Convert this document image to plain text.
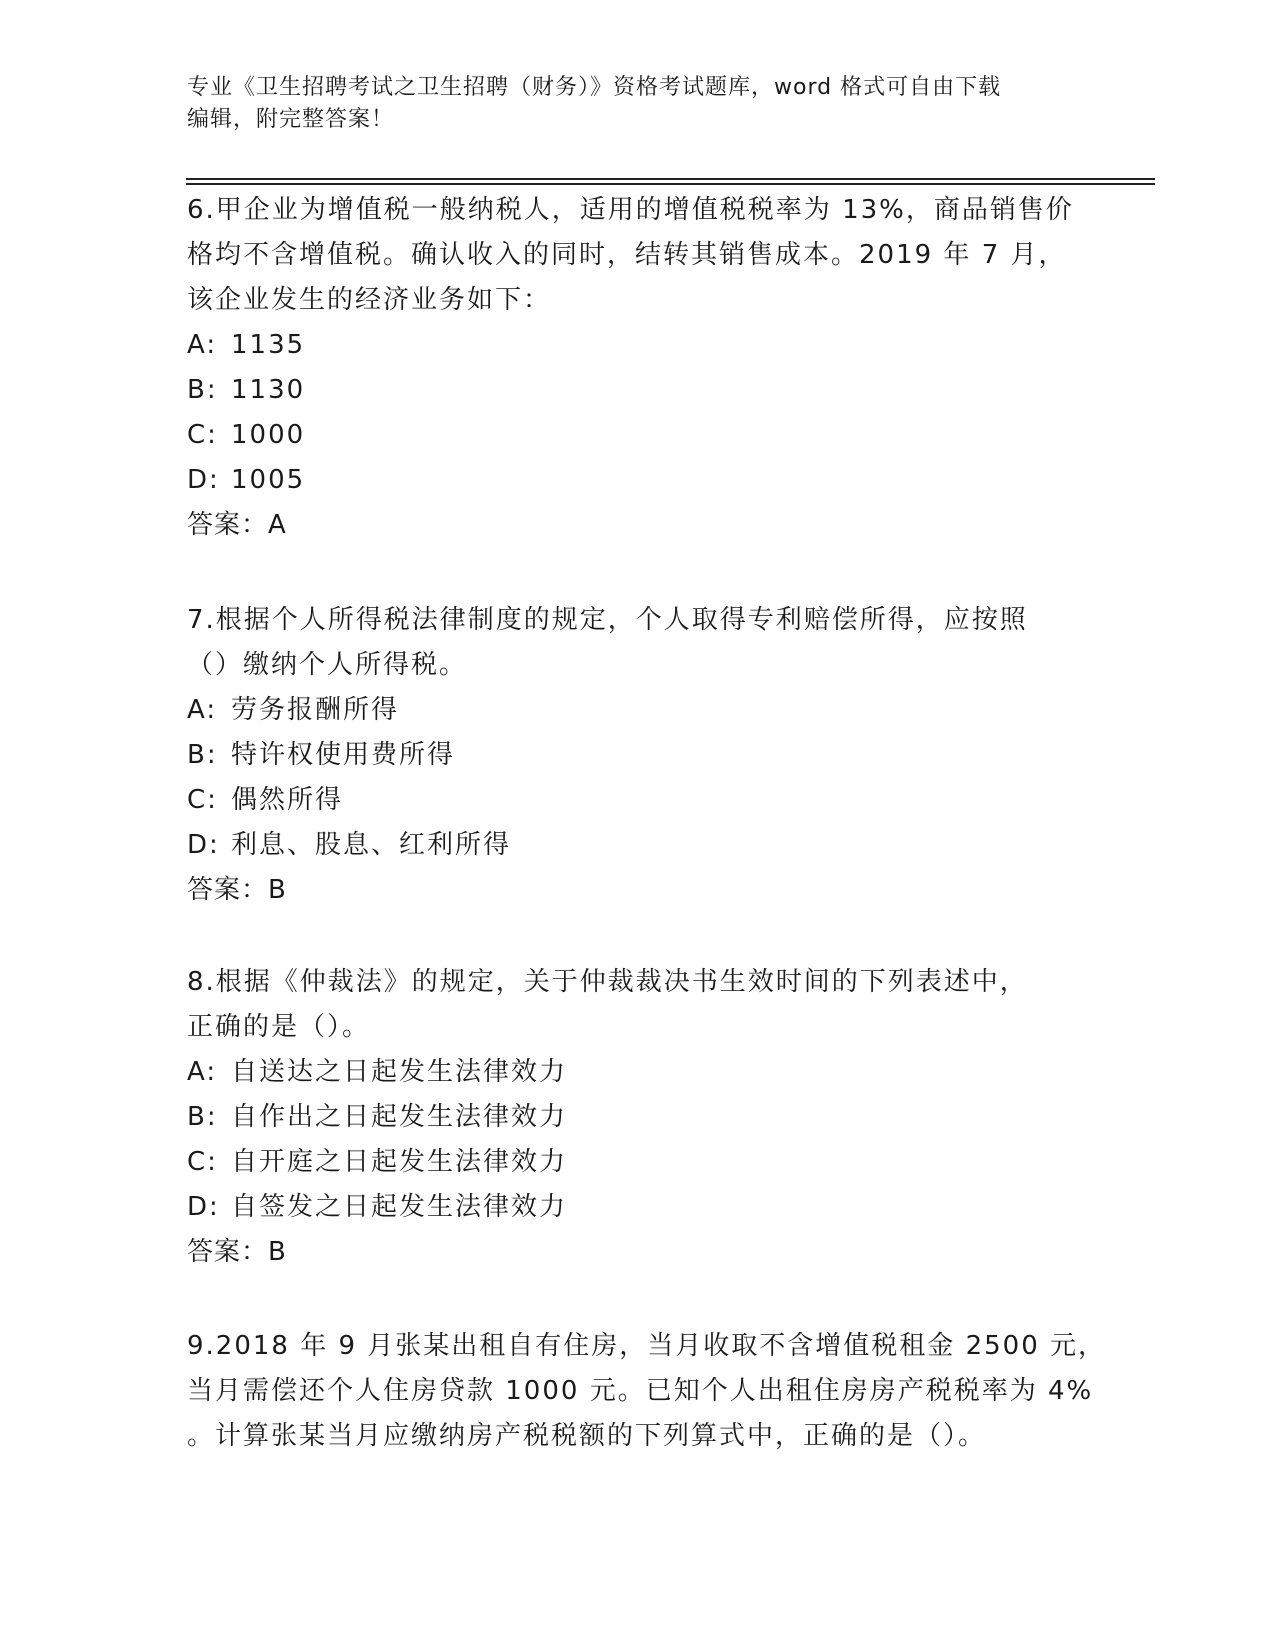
专业《卫生招聘考试之卫生招聘（财务）》资格考试题库，word 格式可自由下载
编辑，附完整答案！
6.甲企业为增值税一般纳税人，适用的增值税税率为 13%，商品销售价
格均不含增值税。确认收入的同时，结转其销售成本。2019 年 7 月，
该企业发生的经济业务如下：
A: 1135
B: 1130
C: 1000
D: 1005
答案：A
7.根据个人所得税法律制度的规定，个人取得专利赔偿所得，应按照
（）缴纳个人所得税。
A: 劳务报酬所得
B: 特许权使用费所得
C: 偶然所得
D: 利息、股息、红利所得
答案：B
8.根据《仲裁法》的规定，关于仲裁裁决书生效时间的下列表述中，
正确的是（）。
A: 自送达之日起发生法律效力
B: 自作出之日起发生法律效力
C: 自开庭之日起发生法律效力
D: 自签发之日起发生法律效力
答案：B
9.2018 年 9 月张某出租自有住房，当月收取不含增值税租金 2500 元，
当月需偿还个人住房贷款 1000 元。已知个人出租住房房产税税率为 4%
。计算张某当月应缴纳房产税税额的下列算式中，正确的是（）。
